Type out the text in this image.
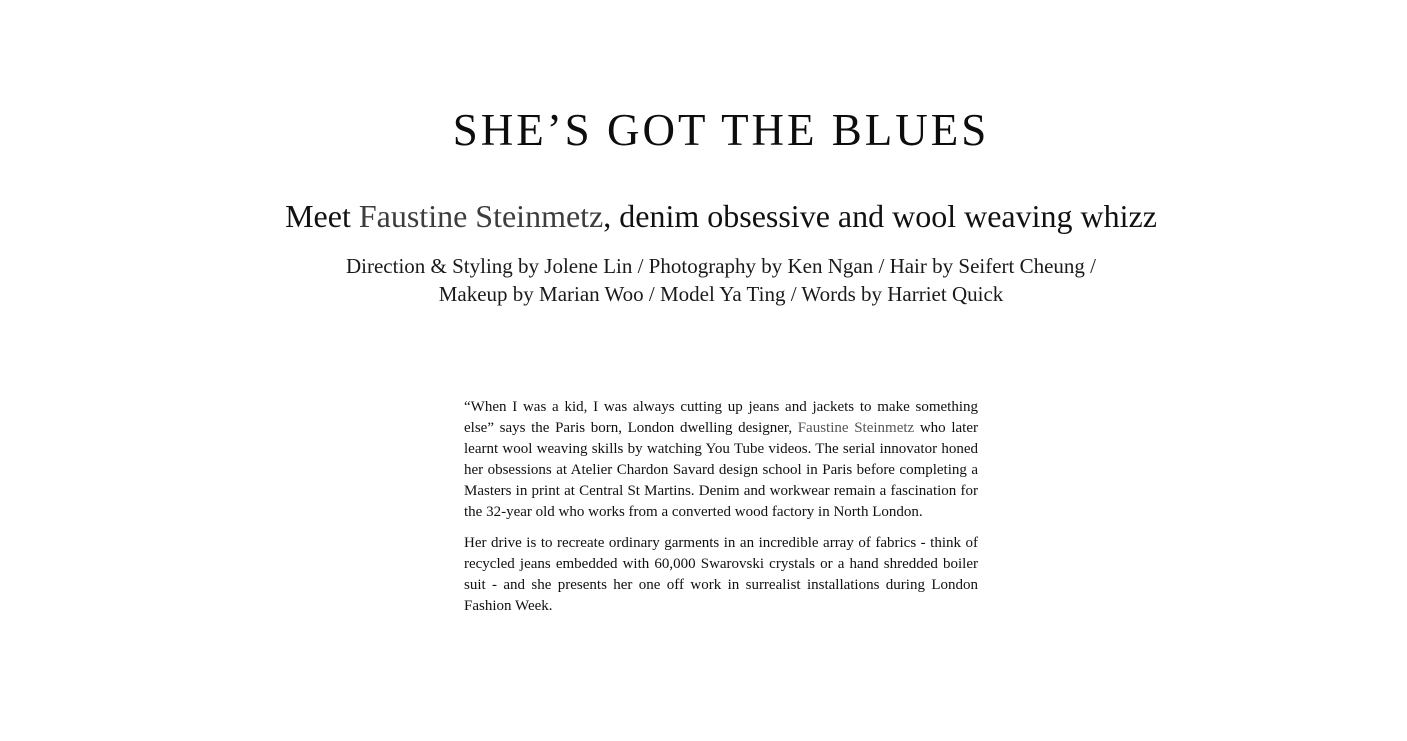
SHE’S GOT THE BLUES
Meet Faustine Steinmetz, denim obsessive and wool weaving whizz
Direction & Styling by Jolene Lin / Photography by Ken Ngan / Hair by Seifert Cheung /
Makeup by Marian Woo / Model Ya Ting / Words by Harriet Quick

“When I was a kid, I was always cutting up jeans and jackets to make something else” says the Paris born, London dwelling designer, Faustine Steinmetz who later learnt wool weaving skills by watching You Tube videos. The serial innovator honed her obsessions at Atelier Chardon Savard design school in Paris before completing a Masters in print at Central St Martins. Denim and workwear remain a fascination for the 32-year old who works from a converted wood factory in North London.

Her drive is to recreate ordinary garments in an incredible array of fabrics - think of recycled jeans embedded with 60,000 Swarovski crystals or a hand shredded boiler suit - and she presents her one off work in surrealist installations during London Fashion Week.
